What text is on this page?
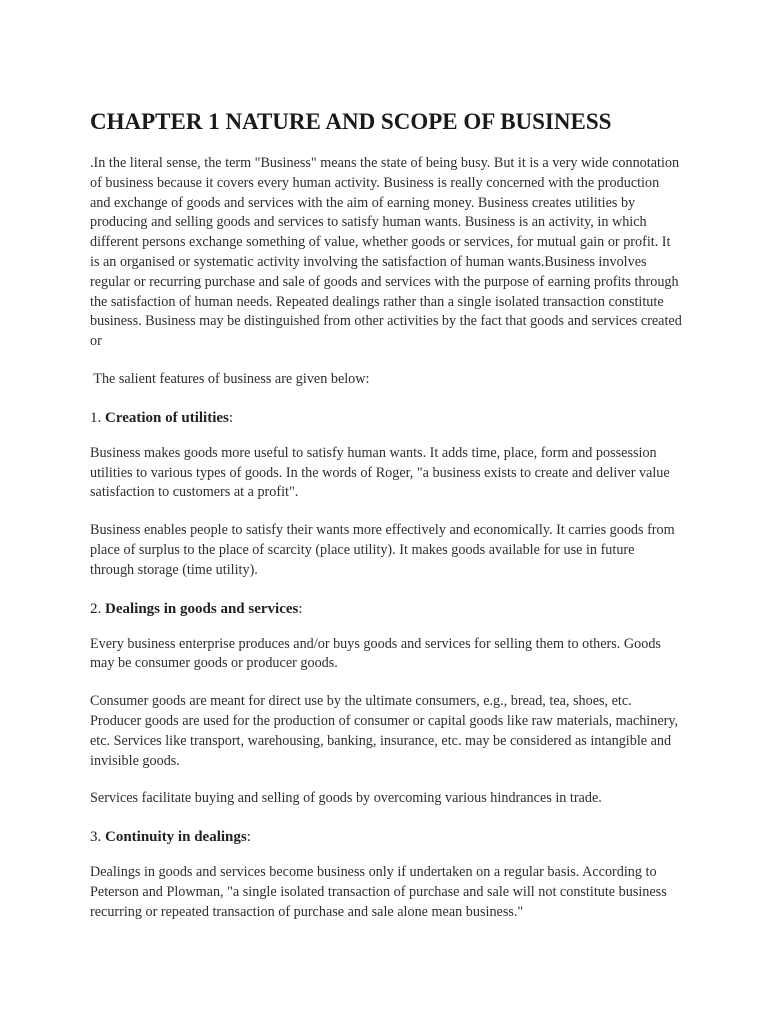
CHAPTER 1 NATURE AND SCOPE OF BUSINESS

.In the literal sense, the term "Business" means the state of being busy. But it is a very wide connotation of business because it covers every human activity. Business is really concerned with the production and exchange of goods and services with the aim of earning money. Business creates utilities by producing and selling goods and services to satisfy human wants. Business is an activity, in which different persons exchange something of value, whether goods or services, for mutual gain or profit. It is an organised or systematic activity involving the satisfaction of human wants.Business involves regular or recurring purchase and sale of goods and services with the purpose of earning profits through the satisfaction of human needs. Repeated dealings rather than a single isolated transaction constitute business. Business may be distinguished from other activities by the fact that goods and services created or

The salient features of business are given below:

1. Creation of utilities:

Business makes goods more useful to satisfy human wants. It adds time, place, form and possession utilities to various types of goods. In the words of Roger, "a business exists to create and deliver value satisfaction to customers at a profit".

Business enables people to satisfy their wants more effectively and economically. It carries goods from place of surplus to the place of scarcity (place utility). It makes goods available for use in future through storage (time utility).

2. Dealings in goods and services:

Every business enterprise produces and/or buys goods and services for selling them to others. Goods may be consumer goods or producer goods.

Consumer goods are meant for direct use by the ultimate consumers, e.g., bread, tea, shoes, etc. Producer goods are used for the production of consumer or capital goods like raw materials, machinery, etc. Services like transport, warehousing, banking, insurance, etc. may be considered as intangible and invisible goods.

Services facilitate buying and selling of goods by overcoming various hindrances in trade.

3. Continuity in dealings:

Dealings in goods and services become business only if undertaken on a regular basis. According to Peterson and Plowman, "a single isolated transaction of purchase and sale will not constitute business recurring or repeated transaction of purchase and sale alone mean business."
